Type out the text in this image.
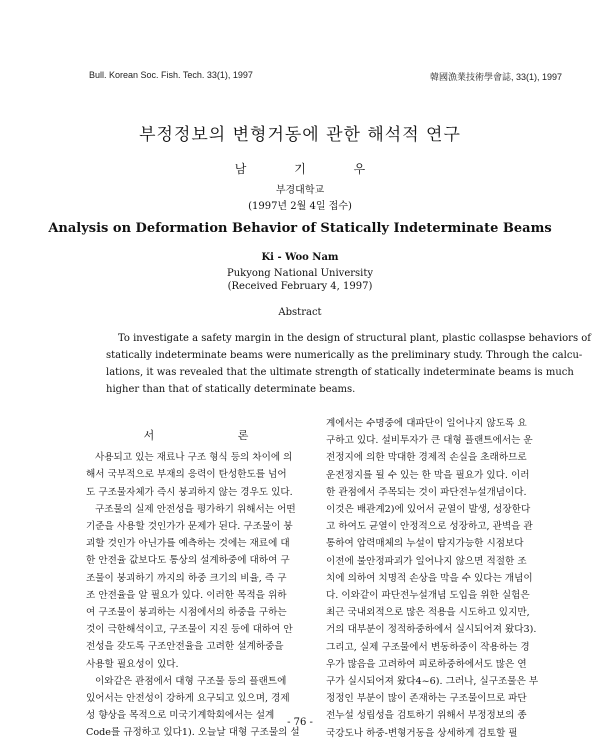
Bull. Korean Soc. Fish. Tech. 33(1), 1997	韓國漁業技術學會誌, 33(1), 1997
부정정보의 변형거동에 관한 해석적 연구
남	기	우
부경대학교
(1997년 2월 4일 접수)
Analysis on Deformation Behavior of Statically Indeterminate Beams
Ki - Woo Nam
Pukyong National University
(Received February 4, 1997)
Abstract
To investigate a safety margin in the design of structural plant, plastic collaspse behaviors of
statically indeterminate beams were numerically as the preliminary study. Through the calcu-
lations, it was revealed that the ultimate strength of statically indeterminate beams is much
higher than that of statically determinate beams.
서 론
사용되고 있는 재료나 구조 형식 등의 차이에 의
해서 국부적으로 부재의 응력이 탄성한도를 넘어
도 구조물자체가 즉시 붕괴하지 않는 경우도 있다.
구조물의 실제 안전성을 평가하기 위해서는 어떤
기준을 사용할 것인가가 문제가 된다. 구조물이 붕
괴할 것인가 아닌가를 예측하는 것에는 재료에 대
한 안전율 값보다도 통상의 설계하중에 대하여 구
조물이 붕괴하기 까지의 하중 크기의 비율, 즉 구
조 안전율을 알 필요가 있다. 이러한 목적을 위하
여 구조물이 붕괴하는 시점에서의 하중을 구하는
것이 극한해석이고, 구조물이 지진 등에 대하여 안
전성을 갖도록 구조안전율을 고려한 설계하중을
사용할 필요성이 있다.
이와같은 관점에서 대형 구조물 등의 플랜트에
있어서는 안전성이 강하게 요구되고 있으며, 경제
성 향상을 목적으로 미국기계학회에서는 설계
Code를 규정하고 있다1). 오늘날 대형 구조물의 설
계에서는 수명중에 대파단이 일어나지 않도록 요
구하고 있다. 설비투자가 큰 대형 플랜트에서는 운
전정지에 의한 막대한 경제적 손실을 초래하므로
운전정지를 될 수 있는 한 막을 필요가 있다. 이러
한 관점에서 주목되는 것이 파단전누설개념이다.
이것은 배관계2)에 있어서 균열이 발생, 성장한다
고 하여도 균열이 안정적으로 성장하고, 관벽을 관
통하여 압력매체의 누설이 탐지가능한 시점보다
이전에 불안정파괴가 일어나지 않으면 적절한 조
치에 의하여 치명적 손상을 막을 수 있다는 개념이
다. 이와같이 파단전누설개념 도입을 위한 실험은
최근 국내외적으로 많은 적용을 시도하고 있지만,
거의 대부분이 정적하중하에서 실시되어져 왔다3).
그리고, 실제 구조물에서 변동하중이 작용하는 경
우가 많음을 고려하여 피로하중하에서도 많은 연
구가 실시되어져 왔다4~6). 그러나, 실구조물은 부
정정인 부분이 많이 존재하는 구조물이므로 파단
전누설 성립성을 검토하기 위해서 부정정보의 종
국강도나 하중-변형거동을 상세하게 검토할 필
- 76 -
